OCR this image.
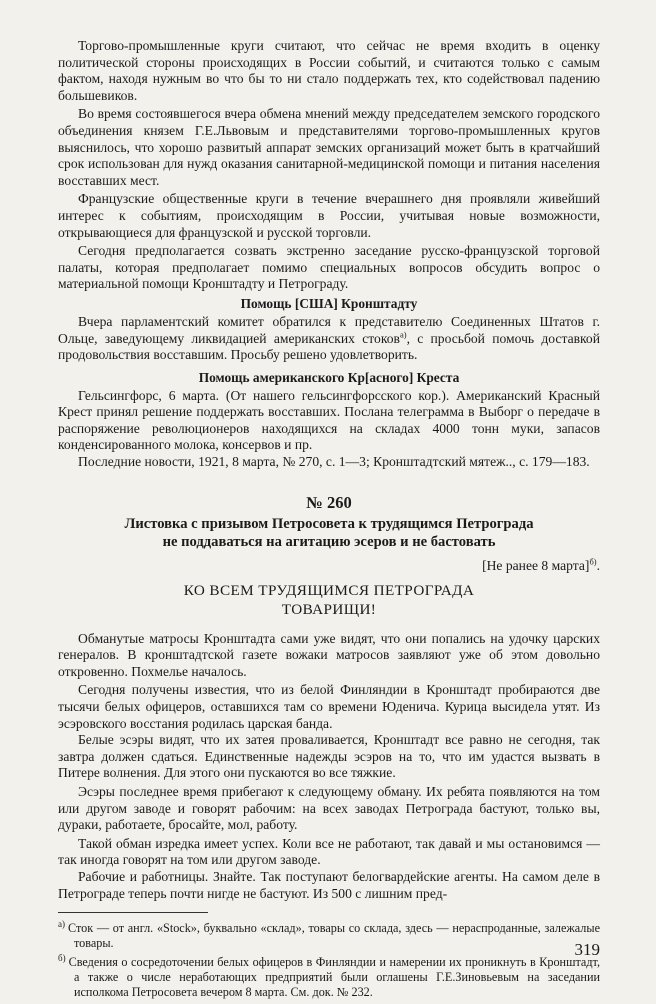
Торгово-промышленные круги считают, что сейчас не время входить в оценку политической стороны происходящих в России событий, и считаются только с самым фактом, находя нужным во что бы то ни стало поддержать тех, кто содействовал падению большевиков.

Во время состоявшегося вчера обмена мнений между председателем земского городского объединения князем Г.Е.Львовым и представителями торгово-промышленных кругов выяснилось, что хорошо развитый аппарат земских организаций может быть в кратчайший срок использован для нужд оказания санитарной-медицинской помощи и питания населения восставших мест.

Французские общественные круги в течение вчерашнего дня проявляли живейший интерес к событиям, происходящим в России, учитывая новые возможности, открывающиеся для французской и русской торговли.

Сегодня предполагается созвать экстренно заседание русско-французской торговой палаты, которая предполагает помимо специальных вопросов обсудить вопрос о материальной помощи Кронштадту и Петрограду.

Помощь [США] Кронштадту

Вчера парламентский комитет обратился к представителю Соединенных Штатов г. Ольце, заведующему ликвидацией американских стоков$^{а)}$, с просьбой помочь доставкой продовольствия восставшим. Просьбу решено удовлетворить.

Помощь американского Кр[асного] Креста

Гельсингфорс, 6 марта. (От нашего гельсингфорсского кор.). Американский Красный Крест принял решение поддержать восставших. Послана телеграмма в Выборг о передаче в распоряжение революционеров находящихся на складах 4000 тонн муки, запасов конденсированного молока, консервов и пр.

Последние новости, 1921, 8 марта, № 270, с. 1—3; Кронштадтский мятеж.., с. 179—183.

№ 260
Листовка с призывом Петросовета к трудящимся Петрограда
не поддаваться на агитацию эсеров и не бастовать
[Не ранее 8 марта]$^{б)}$.
КО ВСЕМ ТРУДЯЩИМСЯ ПЕТРОГРАДА
ТОВАРИЩИ!

Обманутые матросы Кронштадта сами уже видят, что они попались на удочку царских генералов. В кронштадтской газете вожаки матросов заявляют уже об этом довольно откровенно. Похмелье началось.

Сегодня получены известия, что из белой Финляндии в Кронштадт пробираются две тысячи белых офицеров, оставшихся там со времени Юденича. Курица высидела утят. Из эсэровского восстания родилась царская банда.

Белые эсэры видят, что их затея проваливается, Кронштадт все равно не сегодня, так завтра должен сдаться. Единственные надежды эсэров на то, что им удастся вызвать в Питере волнения. Для этого они пускаются во все тяжкие.

Эсэры последнее время прибегают к следующему обману. Их ребята появляются на том или другом заводе и говорят рабочим: на всех заводах Петрограда бастуют, только вы, дураки, работаете, бросайте, мол, работу.

Такой обман изредка имеет успех. Коли все не работают, так давай и мы остановимся — так иногда говорят на том или другом заводе.

Рабочие и работницы. Знайте. Так поступают белогвардейские агенты. На самом деле в Петрограде теперь почти нигде не бастуют. Из 500 с лишним пред-

$^{а)}$ Сток — от англ. «Stock», буквально «склад», товары со склада, здесь — нераспроданные, залежалые товары.

$^{б)}$ Сведения о сосредоточении белых офицеров в Финляндии и намерении их проникнуть в Кронштадт, а также о числе неработающих предприятий были оглашены Г.Е.Зиновьевым на заседании исполкома Петросовета вечером 8 марта. См. док. № 232.

319
